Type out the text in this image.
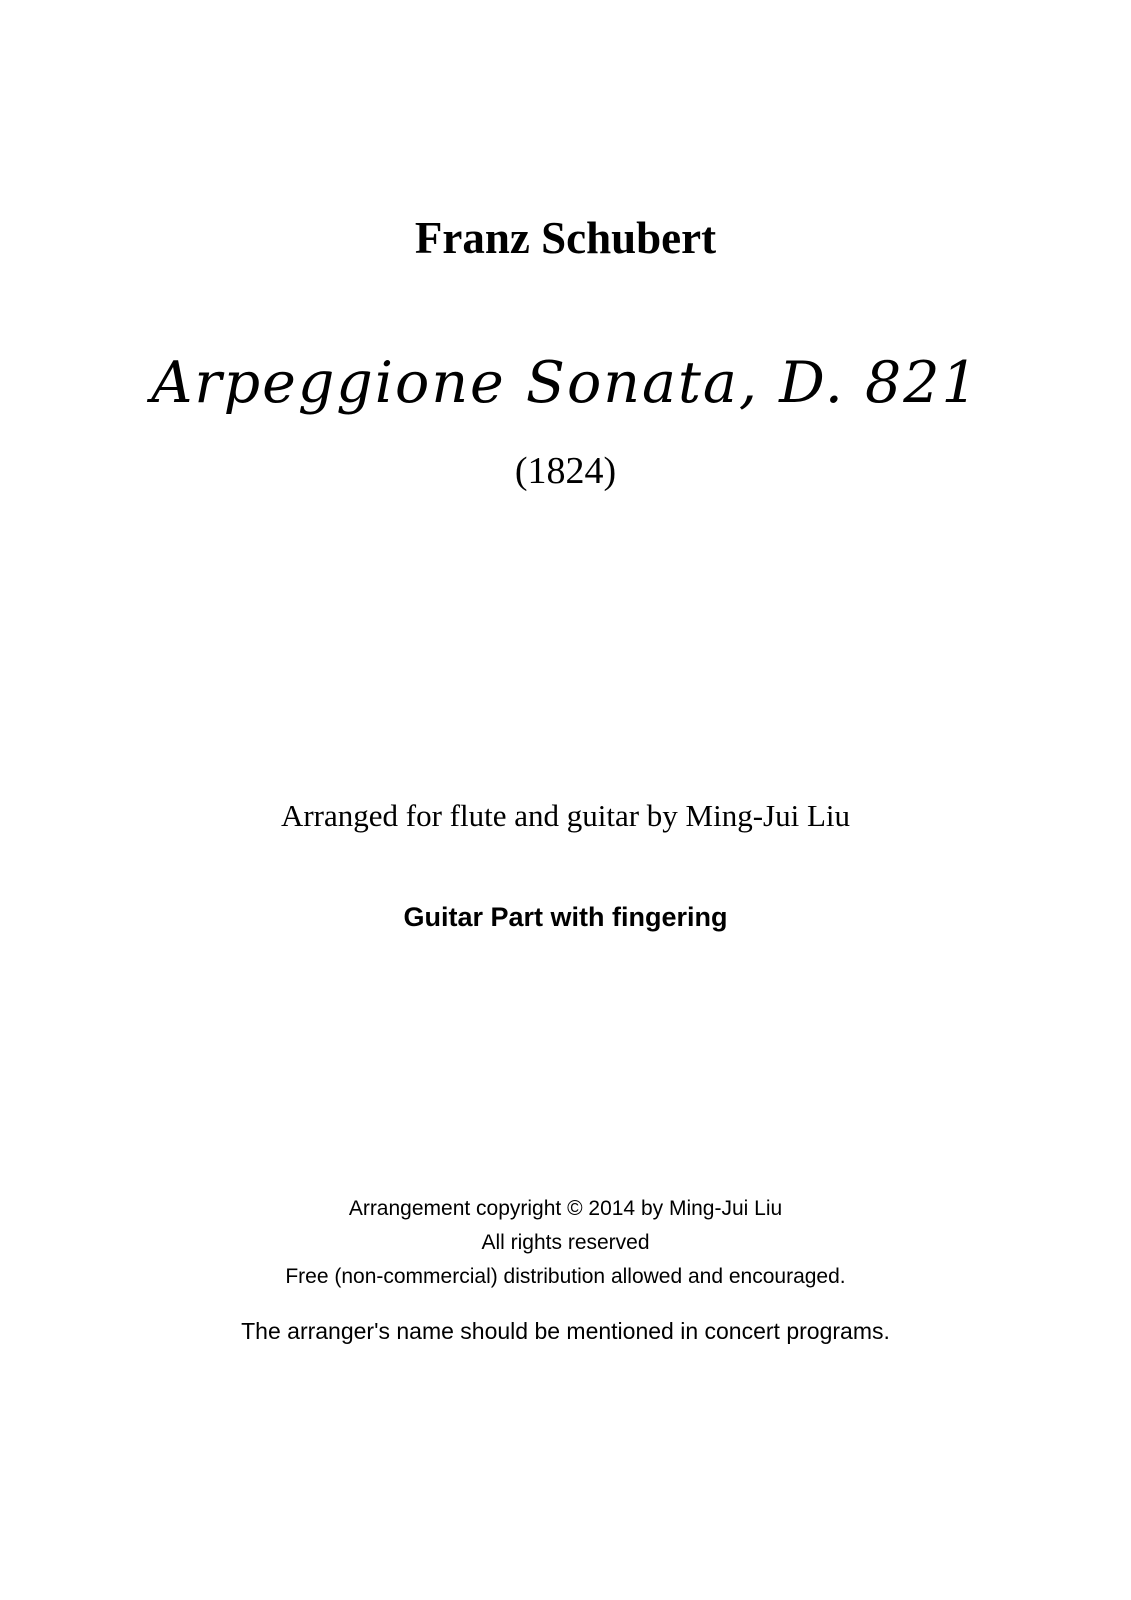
Franz Schubert
Arpeggione Sonata, D. 821
(1824)
Arranged for flute and guitar by Ming-Jui Liu
Guitar Part with fingering
Arrangement copyright © 2014 by Ming-Jui Liu
All rights reserved
Free (non-commercial) distribution allowed and encouraged.
The arranger's name should be mentioned in concert programs.
